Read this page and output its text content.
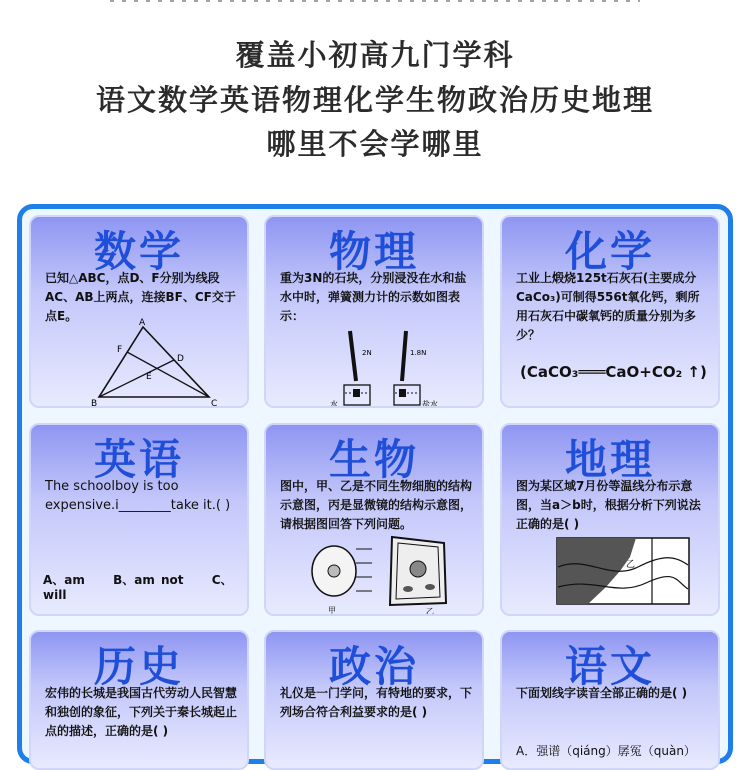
覆盖小初高九门学科
语文数学英语物理化学生物政治历史地理
哪里不会学哪里
数学
已知△ABC，点D、F分别为线段AC、AB上两点，连接BF、CF交于点E。	A
F
D
E
B	C
物理
重为3N的石块，分别浸没在水和盐水中时，弹簧测力计的示数如图表示：
2N	1.8N
水	盐水
化学
工业上煅烧125t石灰石(主要成分CaCo₃)可制得556t氧化钙，剩所用石灰石中碳氧钙的质量分别为多少？
(CaCO₃═══CaO+CO₂ ↑)
英语
The schoolboy is too expensive.i________take it.( )
A、am B、am not C、will
生物
图中，甲、乙是不同生物细胞的结构示意图，丙是显微镜的结构示意图，请根据图回答下列问题。
甲	乙
地理
图为某区域7月份等温线分布示意图，当a＞b时，根据分析下列说法正确的是( )
乙
历史
宏伟的长城是我国古代劳动人民智慧和独创的象征，下列关于秦长城起止点的描述，正确的是( )
政治
礼仪是一门学问，有特地的要求，下列场合符合利益要求的是( )
语文
下面划线字读音全部正确的是( )
A．强谱（qiáng）孱冤（quàn）
